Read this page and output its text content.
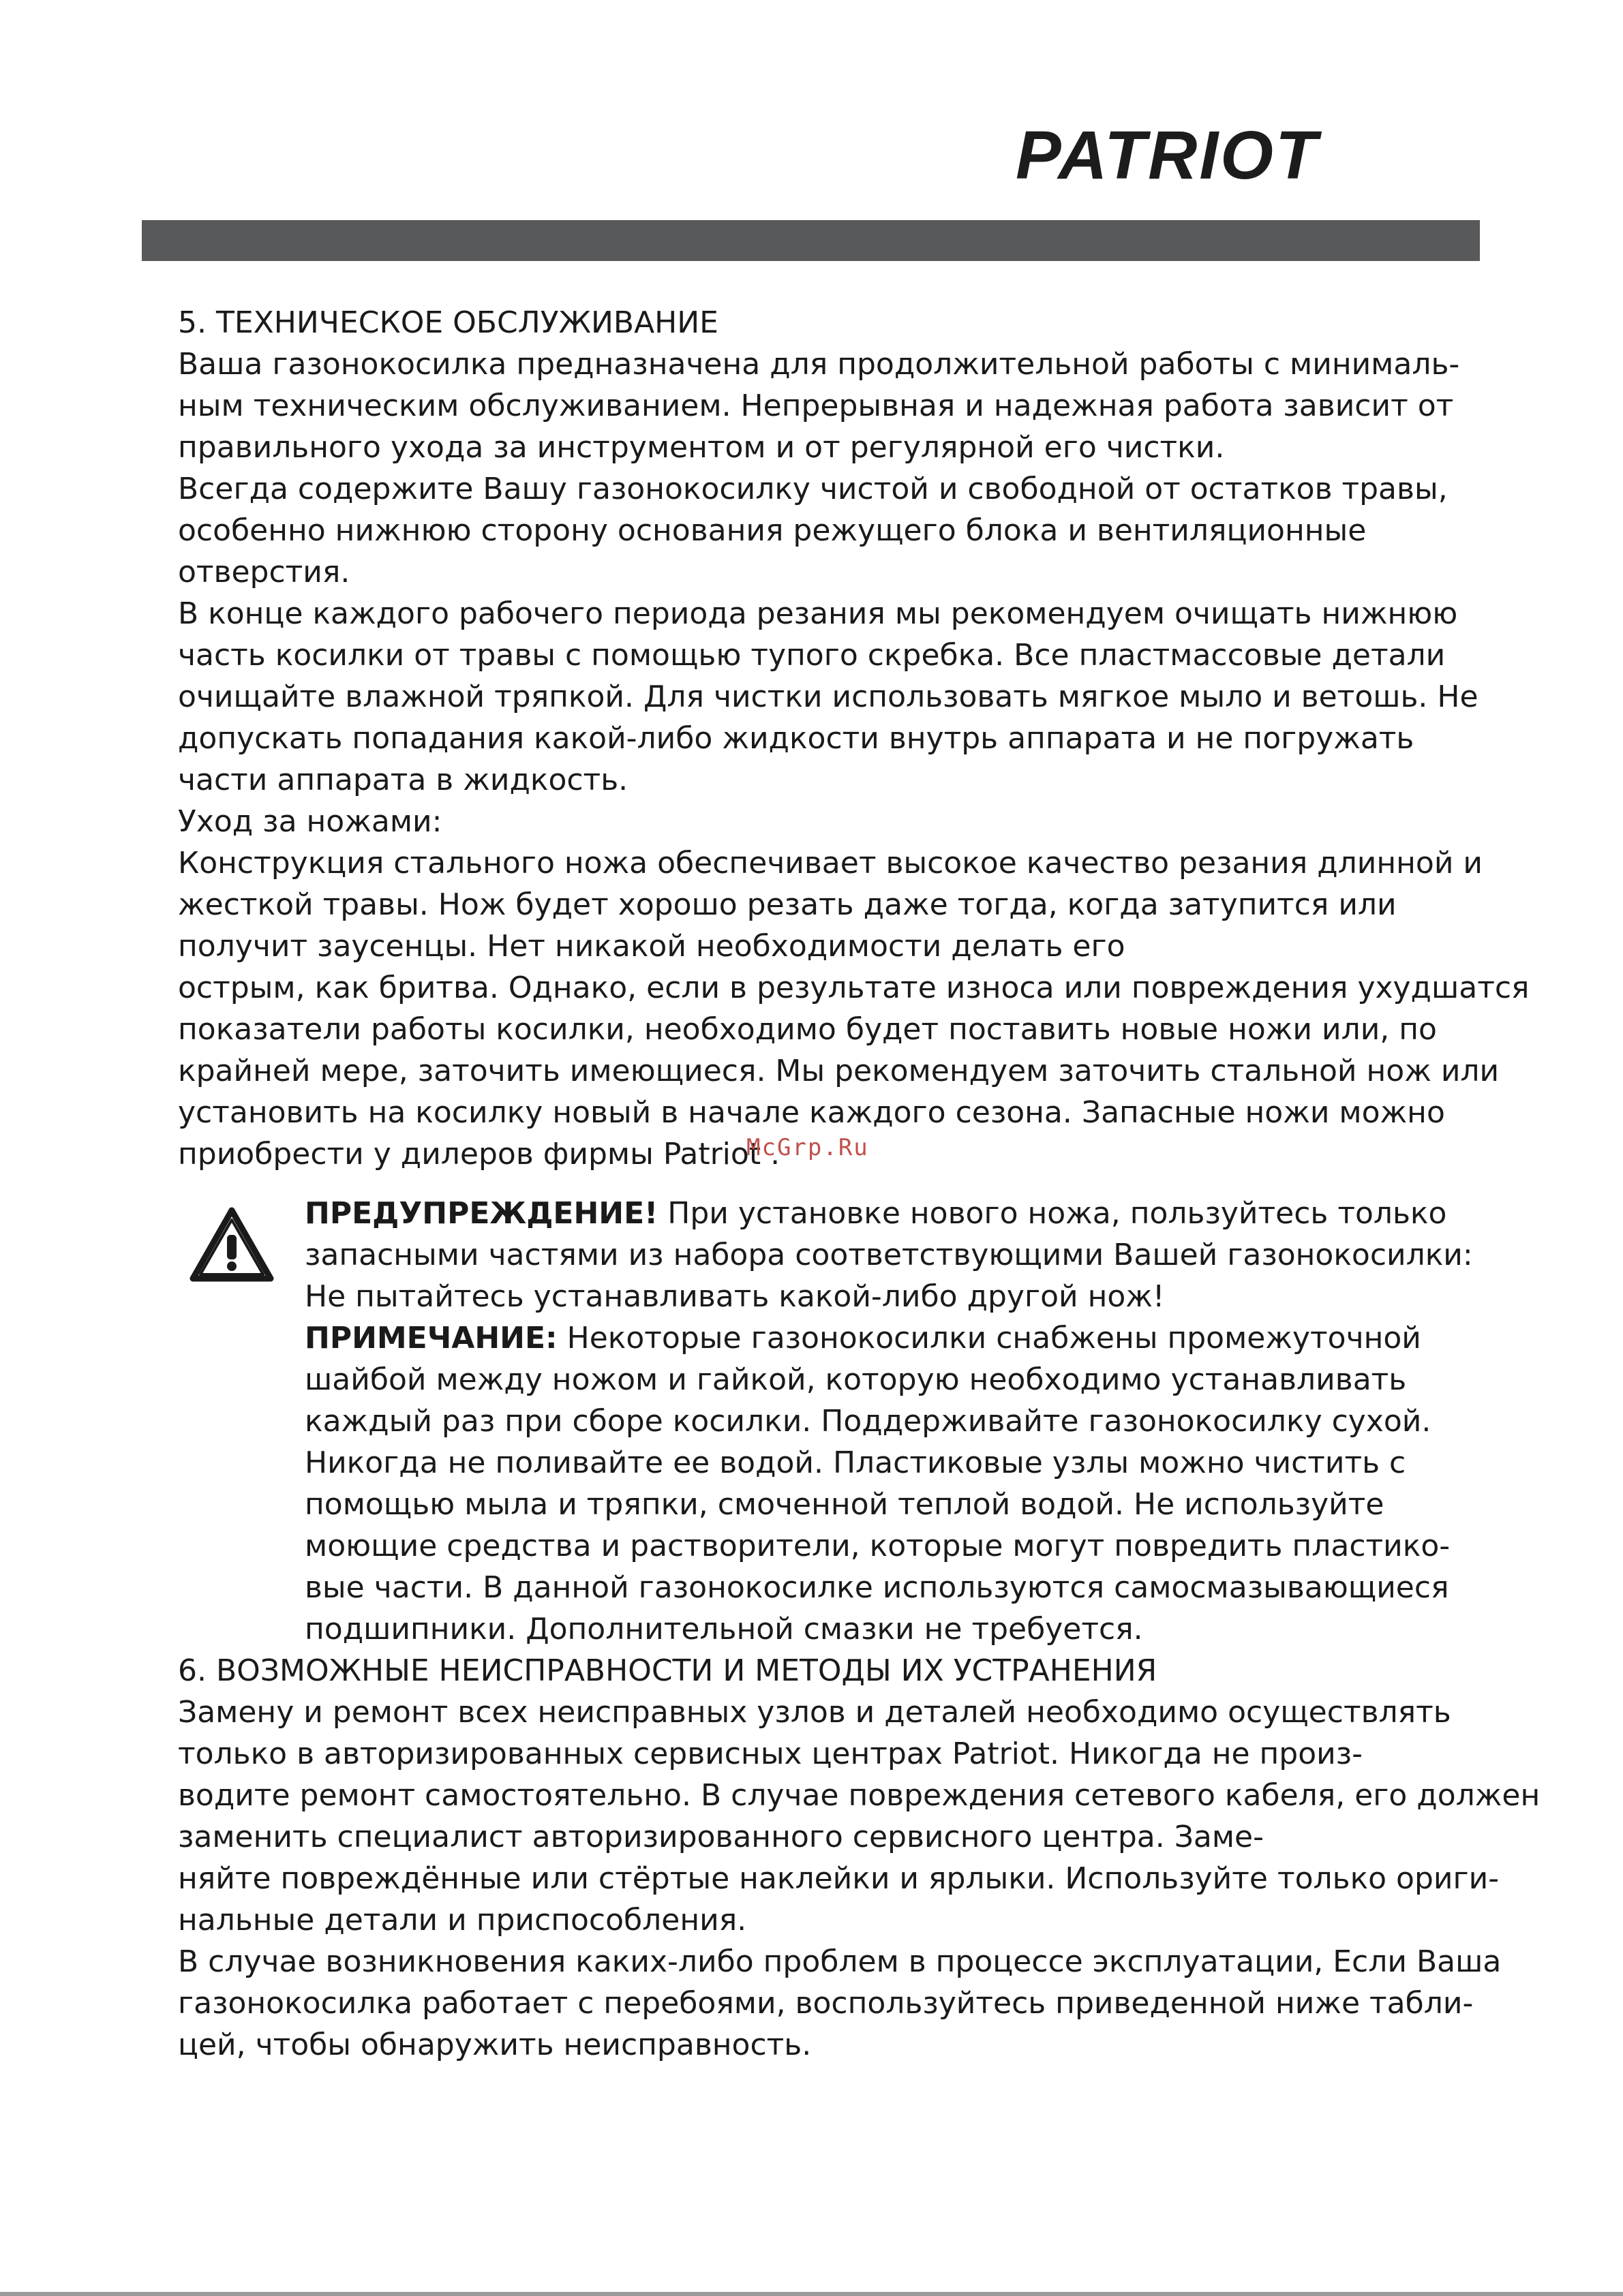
PATRIOT
5. ТЕХНИЧЕСКОЕ ОБСЛУЖИВАНИЕ
Ваша газонокосилка предназначена для продолжительной работы с минималь-
ным техническим обслуживанием. Непрерывная и надежная работа зависит от
правильного ухода за инструментом и от регулярной его чистки.
Всегда содержите Вашу газонокосилку чистой и свободной от остатков травы,
особенно нижнюю сторону основания режущего блока и вентиляционные
отверстия.
В конце каждого рабочего периода резания мы рекомендуем очищать нижнюю
часть косилки от травы с помощью тупого скребка. Все пластмассовые детали
очищайте влажной тряпкой. Для чистки использовать мягкое мыло и ветошь. Не
допускать попадания какой-либо жидкости внутрь аппарата и не погружать
части аппарата в жидкость.
Уход за ножами:
Конструкция стального ножа обеспечивает высокое качество резания длинной и
жесткой травы. Нож будет хорошо резать даже тогда, когда затупится или
получит заусенцы. Нет никакой необходимости делать его
острым, как бритва. Однако, если в результате износа или повреждения ухудшатся
показатели работы косилки, необходимо будет поставить новые ножи или, по
крайней мере, заточить имеющиеся. Мы рекомендуем заточить стальной нож или
установить на косилку новый в начале каждого сезона. Запасные ножи можно
приобрести у дилеров фирмы Patriot .
ПРЕДУПРЕЖДЕНИЕ! При установке нового ножа, пользуйтесь только
запасными частями из набора соответствующими Вашей газонокосилки:
Не пытайтесь устанавливать какой-либо другой нож!
ПРИМЕЧАНИЕ: Некоторые газонокосилки снабжены промежуточной
шайбой между ножом и гайкой, которую необходимо устанавливать
каждый раз при сборе косилки. Поддерживайте газонокосилку сухой.
Никогда не поливайте ее водой. Пластиковые узлы можно чистить с
помощью мыла и тряпки, смоченной теплой водой. Не используйте
моющие средства и растворители, которые могут повредить пластико-
вые части. В данной газонокосилке используются самосмазывающиеся
подшипники. Дополнительной смазки не требуется.
6. ВОЗМОЖНЫЕ НЕИСПРАВНОСТИ И МЕТОДЫ ИХ УСТРАНЕНИЯ
Замену и ремонт всех неисправных узлов и деталей необходимо осуществлять
только в авторизированных сервисных центрах Patriot. Никогда не произ-
водите ремонт самостоятельно. В случае повреждения сетевого кабеля, его должен
заменить специалист авторизированного сервисного центра. Заме-
няйте повреждённые или стёртые наклейки и ярлыки. Используйте только ориги-
нальные детали и приспособления.
В случае возникновения каких-либо проблем в процессе эксплуатации, Если Ваша
газонокосилка работает с перебоями, воспользуйтесь приведенной ниже табли-
цей, чтобы обнаружить неисправность.
McGrp.Ru
